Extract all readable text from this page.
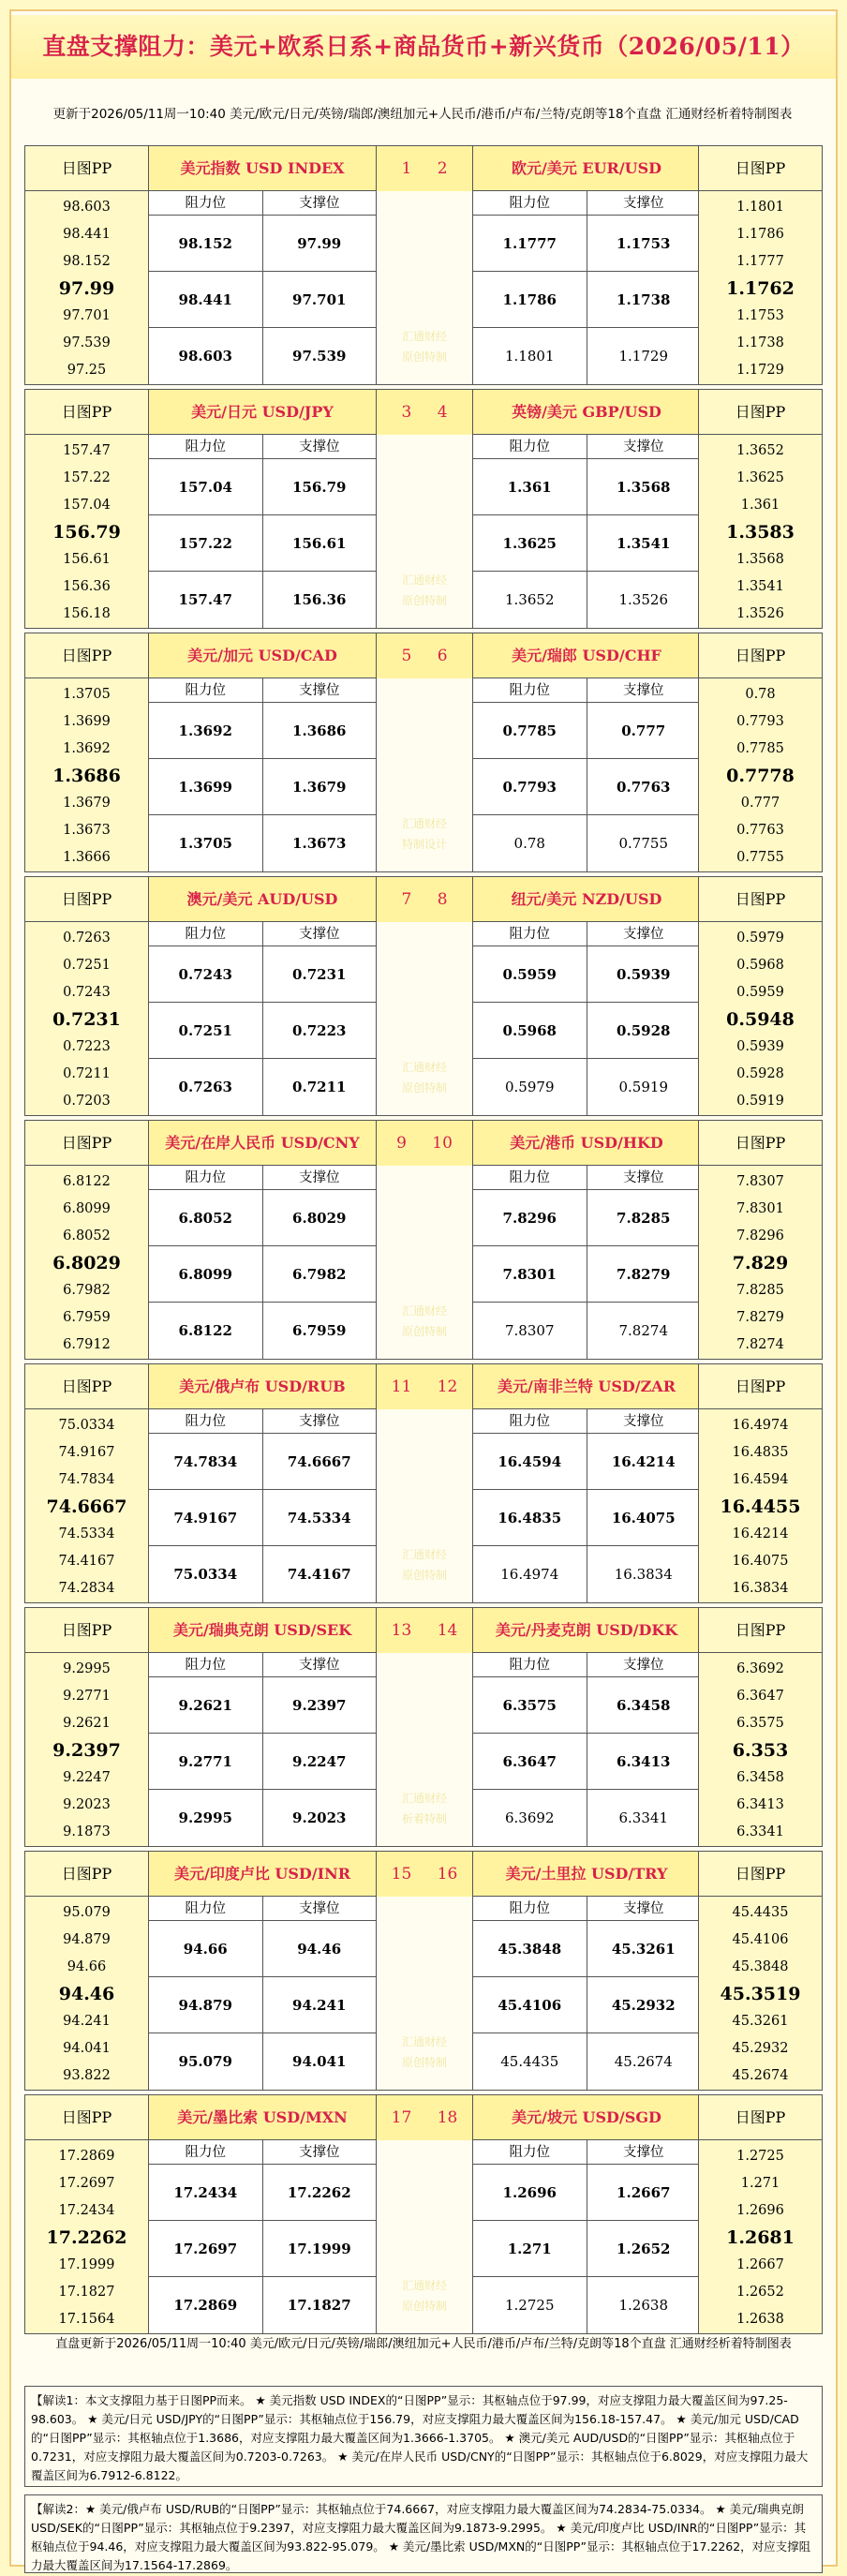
直盘支撑阻力：美元+欧系日系+商品货币+新兴货币（2026/05/11）
更新于2026/05/11周一10:40 美元/欧元/日元/英镑/瑞郎/澳纽加元+人民币/港币/卢布/兰特/克朗等18个直盘 汇通财经析着特制图表
日图PP
98.603
98.441
98.152
97.99
97.701
97.539
97.25
美元指数 USD INDEX
阻力位	支撑位
98.152	97.99
98.441	97.701
98.603	97.539
欧元/美元 EUR/USD
阻力位	支撑位
1.1777	1.1753
1.1786	1.1738
1.1801	1.1729
1 2
汇通财经
原创特制
日图PP
1.1801
1.1786
1.1777
1.1762
1.1753
1.1738
1.1729
日图PP
157.47
157.22
157.04
156.79
156.61
156.36
156.18
美元/日元 USD/JPY
阻力位	支撑位
157.04	156.79
157.22	156.61
157.47	156.36
英镑/美元 GBP/USD
阻力位	支撑位
1.361	1.3568
1.3625	1.3541
1.3652	1.3526
3 4
汇通财经
原创特制
日图PP
1.3652
1.3625
1.361
1.3583
1.3568
1.3541
1.3526
日图PP
1.3705
1.3699
1.3692
1.3686
1.3679
1.3673
1.3666
美元/加元 USD/CAD
阻力位	支撑位
1.3692	1.3686
1.3699	1.3679
1.3705	1.3673
美元/瑞郎 USD/CHF
阻力位	支撑位
0.7785	0.777
0.7793	0.7763
0.78	0.7755
5 6
汇通财经
特制设计
日图PP
0.78
0.7793
0.7785
0.7778
0.777
0.7763
0.7755
日图PP
0.7263
0.7251
0.7243
0.7231
0.7223
0.7211
0.7203
澳元/美元 AUD/USD
阻力位	支撑位
0.7243	0.7231
0.7251	0.7223
0.7263	0.7211
纽元/美元 NZD/USD
阻力位	支撑位
0.5959	0.5939
0.5968	0.5928
0.5979	0.5919
7 8
汇通财经
原创特制
日图PP
0.5979
0.5968
0.5959
0.5948
0.5939
0.5928
0.5919
日图PP
6.8122
6.8099
6.8052
6.8029
6.7982
6.7959
6.7912
美元/在岸人民币 USD/CNY
阻力位	支撑位
6.8052	6.8029
6.8099	6.7982
6.8122	6.7959
美元/港币 USD/HKD
阻力位	支撑位
7.8296	7.8285
7.8301	7.8279
7.8307	7.8274
9 10
汇通财经
原创特制
日图PP
7.8307
7.8301
7.8296
7.829
7.8285
7.8279
7.8274
日图PP
75.0334
74.9167
74.7834
74.6667
74.5334
74.4167
74.2834
美元/俄卢布 USD/RUB
阻力位	支撑位
74.7834	74.6667
74.9167	74.5334
75.0334	74.4167
美元/南非兰特 USD/ZAR
阻力位	支撑位
16.4594	16.4214
16.4835	16.4075
16.4974	16.3834
11 12
汇通财经
原创特制
日图PP
16.4974
16.4835
16.4594
16.4455
16.4214
16.4075
16.3834
日图PP
9.2995
9.2771
9.2621
9.2397
9.2247
9.2023
9.1873
美元/瑞典克朗 USD/SEK
阻力位	支撑位
9.2621	9.2397
9.2771	9.2247
9.2995	9.2023
美元/丹麦克朗 USD/DKK
阻力位	支撑位
6.3575	6.3458
6.3647	6.3413
6.3692	6.3341
13 14
汇通财经
析着特制
日图PP
6.3692
6.3647
6.3575
6.353
6.3458
6.3413
6.3341
日图PP
95.079
94.879
94.66
94.46
94.241
94.041
93.822
美元/印度卢比 USD/INR
阻力位	支撑位
94.66	94.46
94.879	94.241
95.079	94.041
美元/土里拉 USD/TRY
阻力位	支撑位
45.3848	45.3261
45.4106	45.2932
45.4435	45.2674
15 16
汇通财经
原创特制
日图PP
45.4435
45.4106
45.3848
45.3519
45.3261
45.2932
45.2674
日图PP
17.2869
17.2697
17.2434
17.2262
17.1999
17.1827
17.1564
美元/墨比索 USD/MXN
阻力位	支撑位
17.2434	17.2262
17.2697	17.1999
17.2869	17.1827
美元/坡元 USD/SGD
阻力位	支撑位
1.2696	1.2667
1.271	1.2652
1.2725	1.2638
17 18
汇通财经
原创特制
日图PP
1.2725
1.271
1.2696
1.2681
1.2667
1.2652
1.2638
直盘更新于2026/05/11周一10:40 美元/欧元/日元/英镑/瑞郎/澳纽加元+人民币/港币/卢布/兰特/克朗等18个直盘 汇通财经析着特制图表
【解读1：本文支撑阻力基于日图PP而来。 ★ 美元指数 USD INDEX的“日图PP”显示：其枢轴点位于97.99，对应支撑阻力最大覆盖区间为97.25-98.603。 ★ 美元/日元 USD/JPY的“日图PP”显示：其枢轴点位于156.79，对应支撑阻力最大覆盖区间为156.18-157.47。 ★ 美元/加元 USD/CAD的“日图PP”显示：其枢轴点位于1.3686，对应支撑阻力最大覆盖区间为1.3666-1.3705。 ★ 澳元/美元 AUD/USD的“日图PP”显示：其枢轴点位于0.7231，对应支撑阻力最大覆盖区间为0.7203-0.7263。 ★ 美元/在岸人民币 USD/CNY的“日图PP”显示：其枢轴点位于6.8029，对应支撑阻力最大覆盖区间为6.7912-6.8122。
【解读2：★ 美元/俄卢布 USD/RUB的“日图PP”显示：其枢轴点位于74.6667，对应支撑阻力最大覆盖区间为74.2834-75.0334。 ★ 美元/瑞典克朗 USD/SEK的“日图PP”显示：其枢轴点位于9.2397，对应支撑阻力最大覆盖区间为9.1873-9.2995。 ★ 美元/印度卢比 USD/INR的“日图PP”显示：其枢轴点位于94.46，对应支撑阻力最大覆盖区间为93.822-95.079。 ★ 美元/墨比索 USD/MXN的“日图PP”显示：其枢轴点位于17.2262，对应支撑阻力最大覆盖区间为17.1564-17.2869。
